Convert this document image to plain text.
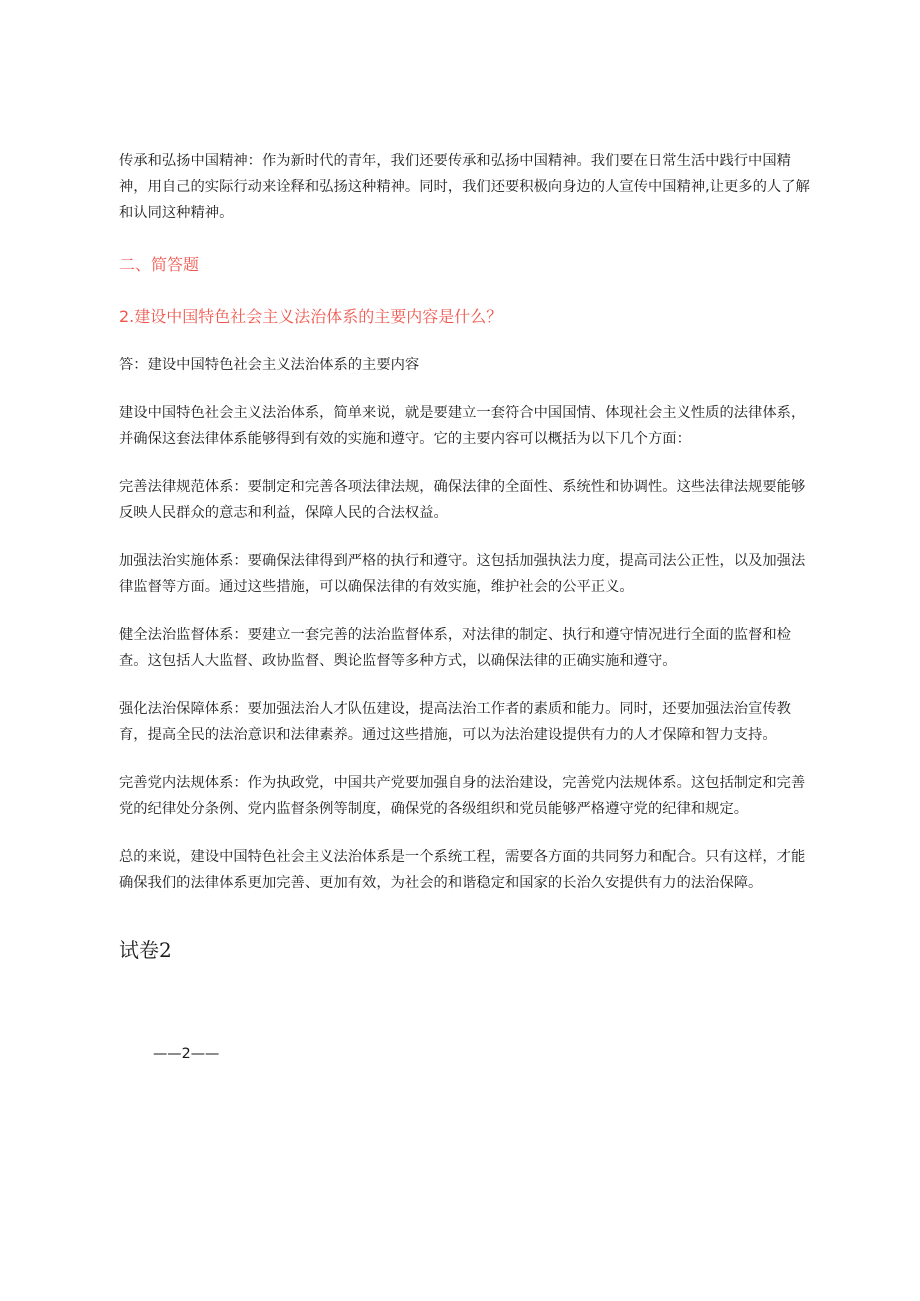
传承和弘扬中国精神：作为新时代的青年，我们还要传承和弘扬中国精神。我们要在日常生活中践行中国精神，用自己的实际行动来诠释和弘扬这种精神。同时，我们还要积极向身边的人宣传中国精神,让更多的人了解和认同这种精神。

二、简答题

2.建设中国特色社会主义法治体系的主要内容是什么？

答：建设中国特色社会主义法治体系的主要内容

建设中国特色社会主义法治体系，简单来说，就是要建立一套符合中国国情、体现社会主义性质的法律体系，并确保这套法律体系能够得到有效的实施和遵守。它的主要内容可以概括为以下几个方面：

完善法律规范体系：要制定和完善各项法律法规，确保法律的全面性、系统性和协调性。这些法律法规要能够反映人民群众的意志和利益，保障人民的合法权益。

加强法治实施体系：要确保法律得到严格的执行和遵守。这包括加强执法力度，提高司法公正性，以及加强法律监督等方面。通过这些措施，可以确保法律的有效实施，维护社会的公平正义。

健全法治监督体系：要建立一套完善的法治监督体系，对法律的制定、执行和遵守情况进行全面的监督和检查。这包括人大监督、政协监督、舆论监督等多种方式，以确保法律的正确实施和遵守。

强化法治保障体系：要加强法治人才队伍建设，提高法治工作者的素质和能力。同时，还要加强法治宣传教育，提高全民的法治意识和法律素养。通过这些措施，可以为法治建设提供有力的人才保障和智力支持。

完善党内法规体系：作为执政党，中国共产党要加强自身的法治建设，完善党内法规体系。这包括制定和完善党的纪律处分条例、党内监督条例等制度，确保党的各级组织和党员能够严格遵守党的纪律和规定。

总的来说，建设中国特色社会主义法治体系是一个系统工程，需要各方面的共同努力和配合。只有这样，才能确保我们的法律体系更加完善、更加有效，为社会的和谐稳定和国家的长治久安提供有力的法治保障。

试卷2
——2——
